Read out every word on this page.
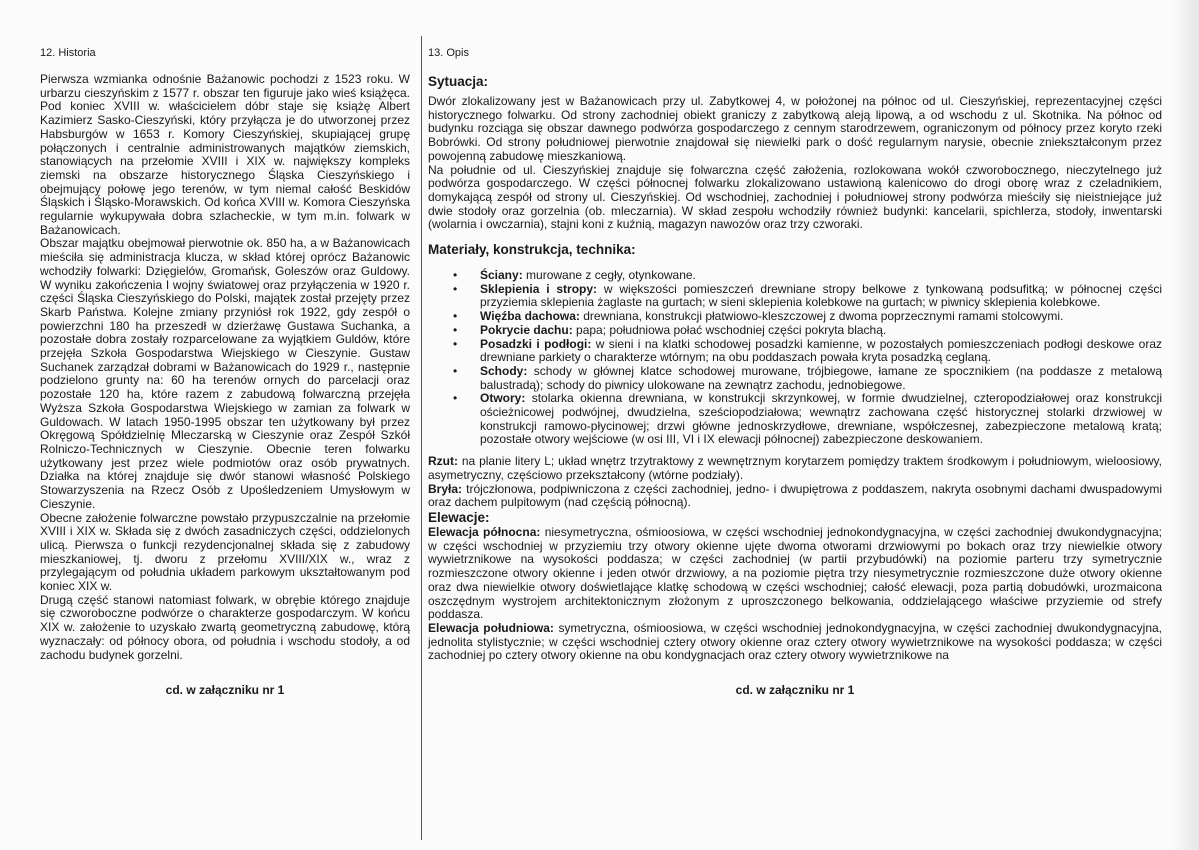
12. Historia

Pierwsza wzmianka odnośnie Bażanowic pochodzi z 1523 roku. W urbarzu cieszyńskim z 1577 r. obszar ten figuruje jako wieś książęca. Pod koniec XVIII w. właścicielem dóbr staje się książę Albert Kazimierz Sasko-Cieszyński, który przyłącza je do utworzonej przez Habsburgów w 1653 r. Komory Cieszyńskiej, skupiającej grupę połączonych i centralnie administrowanych majątków ziemskich, stanowiących na przełomie XVIII i XIX w. największy kompleks ziemski na obszarze historycznego Śląska Cieszyńskiego i obejmujący połowę jego terenów, w tym niemal całość Beskidów Śląskich i Śląsko-Morawskich. Od końca XVIII w. Komora Cieszyńska regularnie wykupywała dobra szlacheckie, w tym m.in. folwark w Bażanowicach.

Obszar majątku obejmował pierwotnie ok. 850 ha, a w Bażanowicach mieściła się administracja klucza, w skład której oprócz Bażanowic wchodziły folwarki: Dzięgielów, Gromańsk, Goleszów oraz Guldowy. W wyniku zakończenia I wojny światowej oraz przyłączenia w 1920 r. części Śląska Cieszyńskiego do Polski, majątek został przejęty przez Skarb Państwa. Kolejne zmiany przyniósł rok 1922, gdy zespół o powierzchni 180 ha przeszedł w dzierżawę Gustawa Suchanka, a pozostałe dobra zostały rozparcelowane za wyjątkiem Guldów, które przejęła Szkoła Gospodarstwa Wiejskiego w Cieszynie. Gustaw Suchanek zarządzał dobrami w Bażanowicach do 1929 r., następnie podzielono grunty na: 60 ha terenów ornych do parcelacji oraz pozostałe 120 ha, które razem z zabudową folwarczną przejęła Wyższa Szkoła Gospodarstwa Wiejskiego w zamian za folwark w Guldowach. W latach 1950-1995 obszar ten użytkowany był przez Okręgową Spółdzielnię Mleczarską w Cieszynie oraz Zespół Szkół Rolniczo-Technicznych w Cieszynie. Obecnie teren folwarku użytkowany jest przez wiele podmiotów oraz osób prywatnych. Działka na której znajduje się dwór stanowi własność Polskiego Stowarzyszenia na Rzecz Osób z Upośledzeniem Umysłowym w Cieszynie.

Obecne założenie folwarczne powstało przypuszczalnie na przełomie XVIII i XIX w. Składa się z dwóch zasadniczych części, oddzielonych ulicą. Pierwsza o funkcji rezydencjonalnej składa się z zabudowy mieszkaniowej, tj. dworu z przełomu XVIII/XIX w., wraz z przylegającym od południa układem parkowym ukształtowanym pod koniec XIX w.

Drugą część stanowi natomiast folwark, w obrębie którego znajduje się czworoboczne podwórze o charakterze gospodarczym. W końcu XIX w. założenie to uzyskało zwartą geometryczną zabudowę, którą wyznaczały: od północy obora, od południa i wschodu stodoły, a od zachodu budynek gorzelni.

cd. w załączniku nr 1
13. Opis
Sytuacja:

Dwór zlokalizowany jest w Bażanowicach przy ul. Zabytkowej 4, w położonej na północ od ul. Cieszyńskiej, reprezentacyjnej części historycznego folwarku. Od strony zachodniej obiekt graniczy z zabytkową aleją lipową, a od wschodu z ul. Skotnika. Na północ od budynku rozciąga się obszar dawnego podwórza gospodarczego z cennym starodrzewem, ograniczonym od północy przez koryto rzeki Bobrówki. Od strony południowej pierwotnie znajdował się niewielki park o dość regularnym narysie, obecnie zniekształconym przez powojenną zabudowę mieszkaniową.

Na południe od ul. Cieszyńskiej znajduje się folwarczna część założenia, rozlokowana wokół czworobocznego, nieczytelnego już podwórza gospodarczego. W części północnej folwarku zlokalizowano ustawioną kalenicowo do drogi oborę wraz z czeladnikiem, domykającą zespół od strony ul. Cieszyńskiej. Od wschodniej, zachodniej i południowej strony podwórza mieściły się nieistniejące już dwie stodoły oraz gorzelnia (ob. mleczarnia). W skład zespołu wchodziły również budynki: kancelarii, spichlerza, stodoły, inwentarski (wolarnia i owczarnia), stajni koni z kuźnią, magazyn nawozów oraz trzy czworaki.

Materiały, konstrukcja, technika:
• Ściany: murowane z cegły, otynkowane.
• Sklepienia i stropy: w większości pomieszczeń drewniane stropy belkowe z tynkowaną podsufitką; w północnej części przyziemia sklepienia żaglaste na gurtach; w sieni sklepienia kolebkowe na gurtach; w piwnicy sklepienia kolebkowe.
• Więźba dachowa: drewniana, konstrukcji płatwiowo-kleszczowej z dwoma poprzecznymi ramami stolcowymi.
• Pokrycie dachu: papa; południowa połać wschodniej części pokryta blachą.
• Posadzki i podłogi: w sieni i na klatki schodowej posadzki kamienne, w pozostałych pomieszczeniach podłogi deskowe oraz drewniane parkiety o charakterze wtórnym; na obu poddaszach powała kryta posadzką ceglaną.
• Schody: schody w głównej klatce schodowej murowane, trójbiegowe, łamane ze spocznikiem (na poddasze z metalową balustradą); schody do piwnicy ulokowane na zewnątrz zachodu, jednobiegowe.
• Otwory: stolarka okienna drewniana, w konstrukcji skrzynkowej, w formie dwudzielnej, czteropodziałowej oraz konstrukcji ościeżnicowej podwójnej, dwudzielna, sześciopodziałowa; wewnątrz zachowana część historycznej stolarki drzwiowej w konstrukcji ramowo-płycinowej; drzwi główne jednoskrzydłowe, drewniane, współczesnej, zabezpieczone metalową kratą; pozostałe otwory wejściowe (w osi III, VI i IX elewacji północnej) zabezpieczone deskowaniem.

Rzut: na planie litery L; układ wnętrz trzytraktowy z wewnętrznym korytarzem pomiędzy traktem środkowym i południowym, wieloosiowy, asymetryczny, częściowo przekształcony (wtórne podziały).

Bryła: trójczłonowa, podpiwniczona z części zachodniej, jedno- i dwupiętrowa z poddaszem, nakryta osobnymi dachami dwuspadowymi oraz dachem pulpitowym (nad częścią północną).

Elewacje:

Elewacja północna: niesymetryczna, ośmioosiowa, w części wschodniej jednokondygnacyjna, w części zachodniej dwukondygnacyjna; w części wschodniej w przyziemiu trzy otwory okienne ujęte dwoma otworami drzwiowymi po bokach oraz trzy niewielkie otwory wywietrznikowe na wysokości poddasza; w części zachodniej (w partii przybudówki) na poziomie parteru trzy symetrycznie rozmieszczone otwory okienne i jeden otwór drzwiowy, a na poziomie piętra trzy niesymetrycznie rozmieszczone duże otwory okienne oraz dwa niewielkie otwory doświetlające klatkę schodową w części wschodniej; całość elewacji, poza partią dobudówki, urozmaicona oszczędnym wystrojem architektonicznym złożonym z uproszczonego belkowania, oddzielającego właściwe przyziemie od strefy poddasza.

Elewacja południowa: symetryczna, ośmioosiowa, w części wschodniej jednokondygnacyjna, w części zachodniej dwukondygnacyjna, jednolita stylistycznie; w części wschodniej cztery otwory okienne oraz cztery otwory wywietrznikowe na wysokości poddasza; w części zachodniej po cztery otwory okienne na obu kondygnacjach oraz cztery otwory wywietrznikowe na

cd. w załączniku nr 1
